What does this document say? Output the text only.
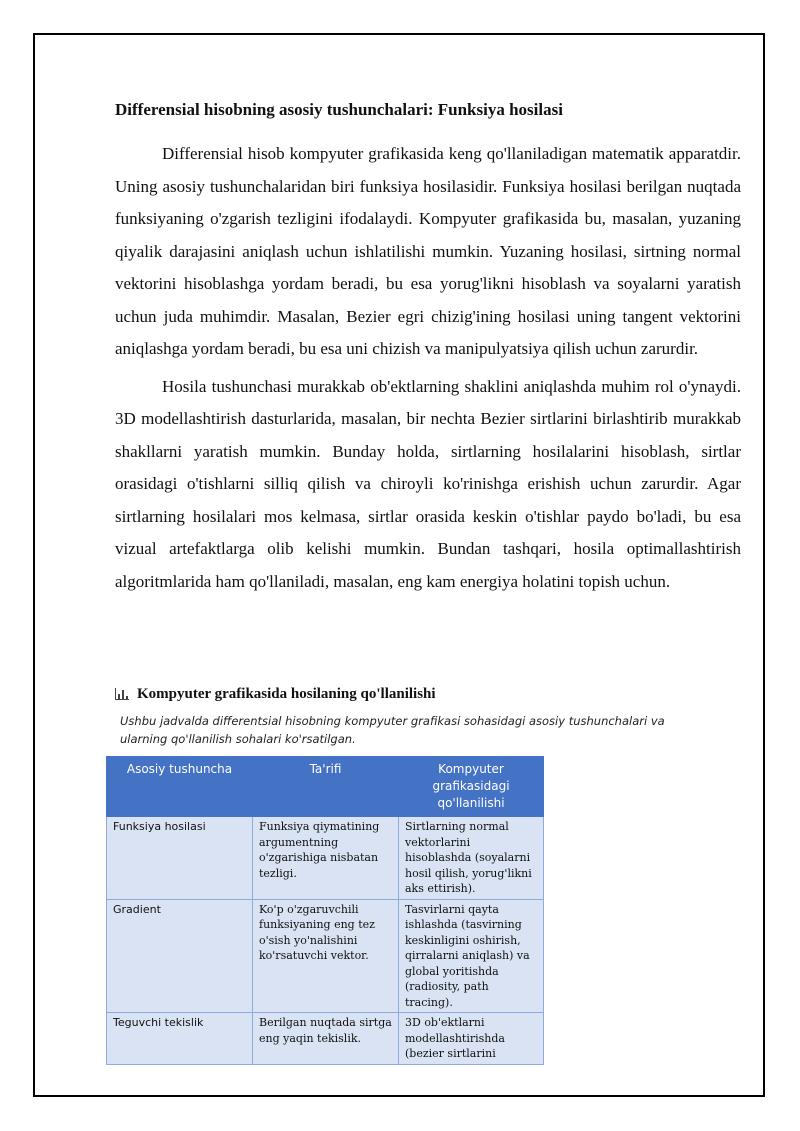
Differensial hisobning asosiy tushunchalari: Funksiya hosilasi

Differensial hisob kompyuter grafikasida keng qo'llaniladigan matematik apparatdir. Uning asosiy tushunchalaridan biri funksiya hosilasidir. Funksiya hosilasi berilgan nuqtada funksiyaning o'zgarish tezligini ifodalaydi. Kompyuter grafikasida bu, masalan, yuzaning qiyalik darajasini aniqlash uchun ishlatilishi mumkin. Yuzaning hosilasi, sirtning normal vektorini hisoblashga yordam beradi, bu esa yorug'likni hisoblash va soyalarni yaratish uchun juda muhimdir. Masalan, Bezier egri chizig'ining hosilasi uning tangent vektorini aniqlashga yordam beradi, bu esa uni chizish va manipulyatsiya qilish uchun zarurdir.

Hosila tushunchasi murakkab ob'ektlarning shaklini aniqlashda muhim rol o'ynaydi. 3D modellashtirish dasturlarida, masalan, bir nechta Bezier sirtlarini birlashtirib murakkab shakllarni yaratish mumkin. Bunday holda, sirtlarning hosilalarini hisoblash, sirtlar orasidagi o'tishlarni silliq qilish va chiroyli ko'rinishga erishish uchun zarurdir. Agar sirtlarning hosilalari mos kelmasa, sirtlar orasida keskin o'tishlar paydo bo'ladi, bu esa vizual artefaktlarga olib kelishi mumkin. Bundan tashqari, hosila optimallashtirish algoritmlarida ham qo'llaniladi, masalan, eng kam energiya holatini topish uchun.

Kompyuter grafikasida hosilaning qo'llanilishi
Ushbu jadvalda differentsial hisobning kompyuter grafikasi sohasidagi asosiy tushunchalari va ularning qo'llanilish sohalari ko'rsatilgan.
Asosiy tushuncha	Ta'rifi	Kompyuter grafikasidagi qo'llanilishi
Funksiya hosilasi	Funksiya qiymatining argumentning o'zgarishiga nisbatan tezligi.	Sirtlarning normal vektorlarini hisoblashda (soyalarni hosil qilish, yorug'likni aks ettirish).
Gradient	Ko'p o'zgaruvchili funksiyaning eng tez o'sish yo'nalishini ko'rsatuvchi vektor.	Tasvirlarni qayta ishlashda (tasvirning keskinligini oshirish, qirralarni aniqlash) va global yoritishda (radiosity, path tracing).
Teguvchi tekislik	Berilgan nuqtada sirtga eng yaqin tekislik.	3D ob'ektlarni modellashtirishda (bezier sirtlarini
